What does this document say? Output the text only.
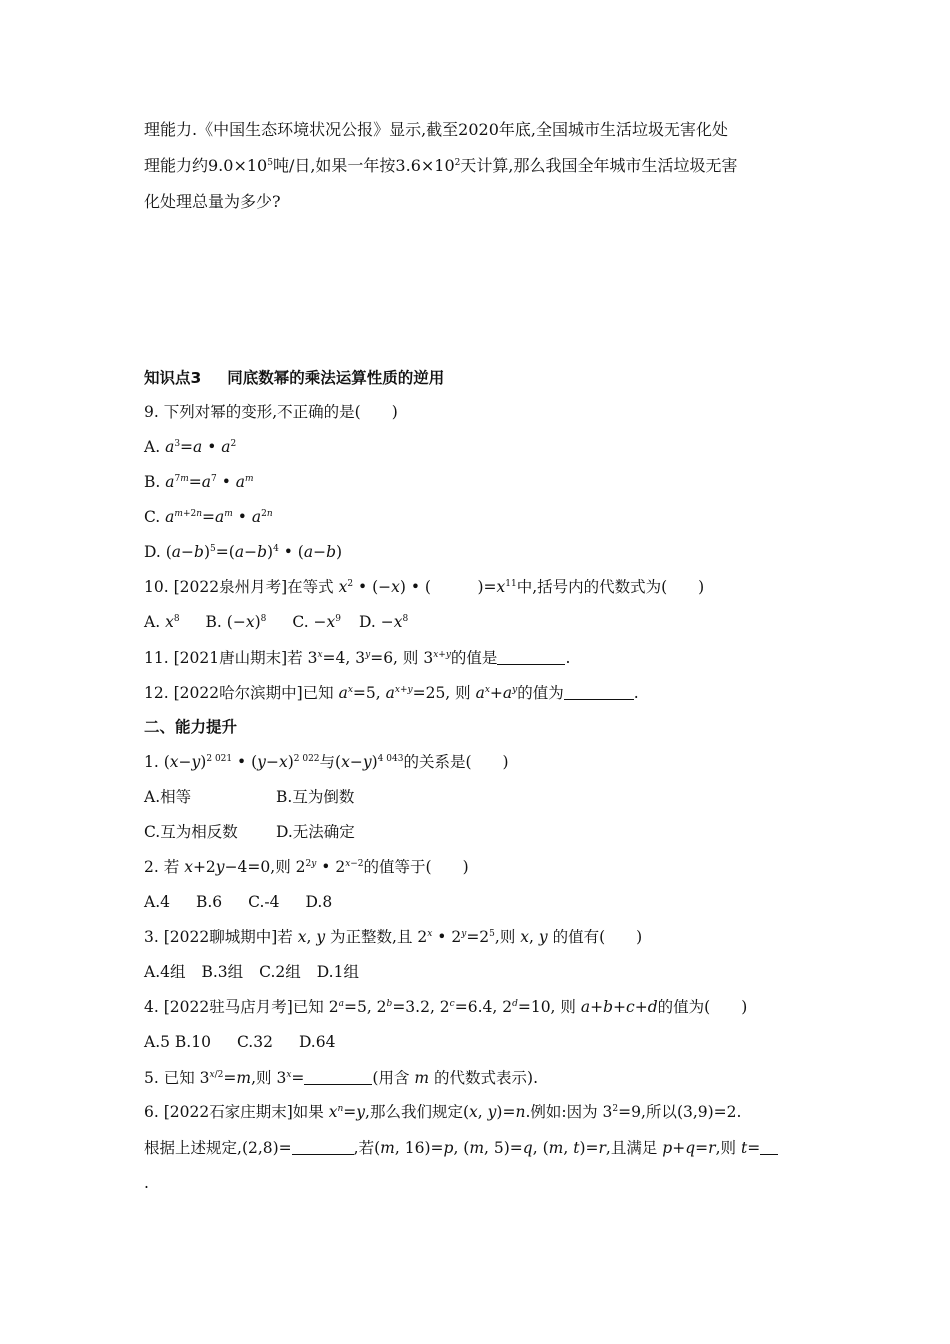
理能力.《中国生态环境状况公报》显示,截至2020年底,全国城市生活垃圾无害化处
理能力约$9.0\times 10^5$吨/日,如果一年按$3.6\times 10^2$天计算,那么我国全年城市生活垃圾无害
化处理总量为多少?
知识点3 同底数幂的乘法运算性质的逆用
9. 下列对幂的变形,不正确的是(　　)
A. $a^3=a$ • $a^2$
B. $a^{7m}=a^7$ • $a^m$
C. $a^{m+2n}=a^m$ • $a^{2n}$
D. $(a-b)^5=(a-b)^4$ • (a−b)
10. [2022泉州月考]在等式 $x^2$ • (−x) • (　　　)$=x^{11}$中,括号内的代数式为(　　)
A. $x^8$ B. $(-x)^8$ C. $-x^9$ D. $-x^8$
11. [2021唐山期末]若 $3^x=4$, $3^y=6$, 则 $3^{x+y}$的值是	.
12. [2022哈尔滨期中]已知 $a^x=5$, $a^{x+y}=25$, 则 $a^x+a^y$的值为	.
二、能力提升
1. $(x-y)^{2 021}$ • $(y-x)^{2 022}$与$(x-y)^{4 043}$的关系是(　　)
A.相等	B.互为倒数
C.互为相反数 D.无法确定
2. 若 x+2y−4=0,则 $2^{2y}$ • $2^{x-2}$的值等于(　　)
A.4 B.6 C.-4 D.8
3. [2022聊城期中]若 x, y 为正整数,且 2$^x$ • $2^y=2^5$,则 x, y 的值有(　　)
A.4组 B.3组 C.2组 D.1组
4. [2022驻马店月考]已知 $2^a=5$, $2^b=3.2$, $2^c=6.4$, $2^d=10$, 则 a+b+c+d的值为(　　)
A.5 B.10 C.32 D.64
5. 已知 $3^{x/2}=m$,则 $3^x=$	(用含 m 的代数式表示).
6. [2022石家庄期末]如果 $x^n=y$,那么我们规定(x, y)=n.例如:因为 $3^2=9$,所以(3,9)=2.
根据上述规定,(2,8)=	,若(m, 16)=p, (m, 5)=q, (m, t)=r,且满足 p+q=r,则 t=
.
